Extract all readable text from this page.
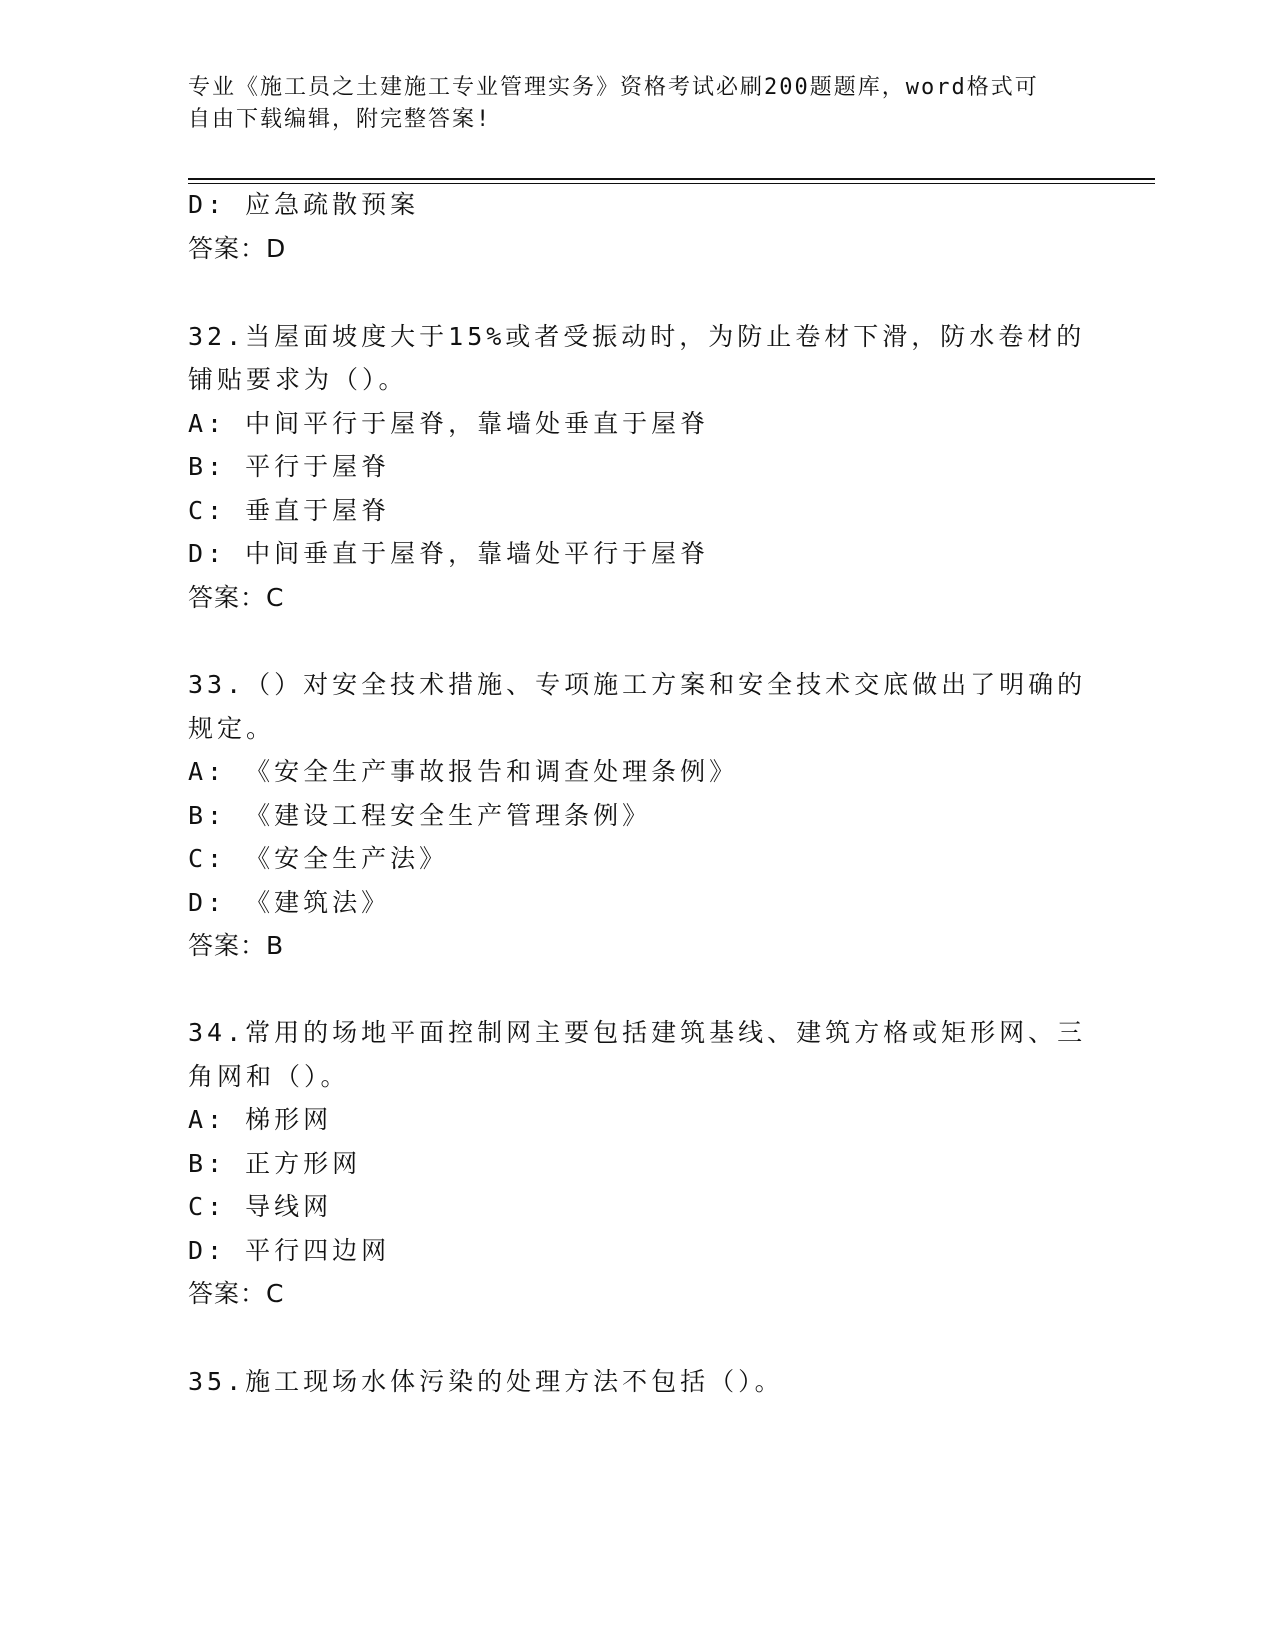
专业《施工员之土建施工专业管理实务》资格考试必刷200题题库，word格式可
自由下载编辑，附完整答案!
D: 应急疏散预案
答案：D
32.当屋面坡度大于15%或者受振动时，为防止卷材下滑，防水卷材的
铺贴要求为（）。
A: 中间平行于屋脊，靠墙处垂直于屋脊
B: 平行于屋脊
C: 垂直于屋脊
D: 中间垂直于屋脊，靠墙处平行于屋脊
答案：C
33.（）对安全技术措施、专项施工方案和安全技术交底做出了明确的
规定。
A: 《安全生产事故报告和调查处理条例》
B: 《建设工程安全生产管理条例》
C: 《安全生产法》
D: 《建筑法》
答案：B
34.常用的场地平面控制网主要包括建筑基线、建筑方格或矩形网、三
角网和（）。
A: 梯形网
B: 正方形网
C: 导线网
D: 平行四边网
答案：C
35.施工现场水体污染的处理方法不包括（）。
